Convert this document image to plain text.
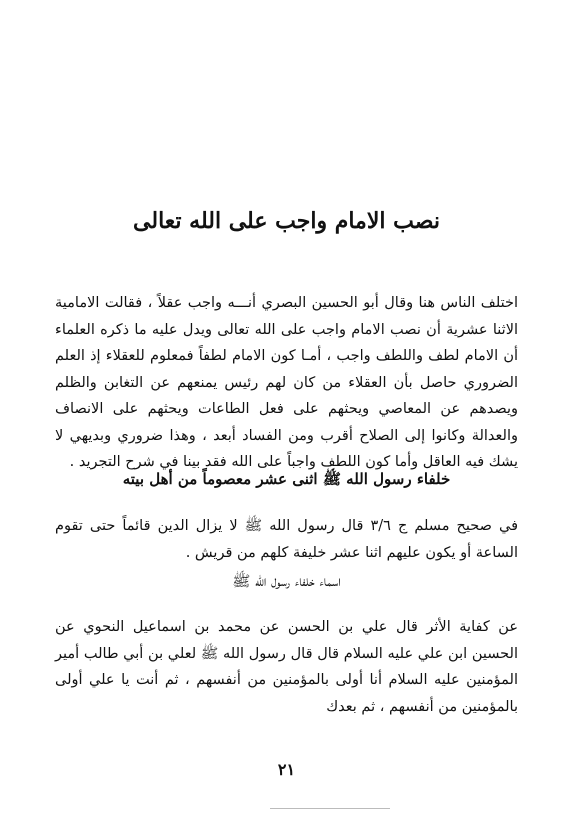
نصب الامام واجب على الله تعالى
اختلف الناس هنا وقال أبو الحسين البصري أنـــه واجب عقلاً ، فقالت الامامية الاثنا عشرية أن نصب الامام واجب على الله تعالى ويدل عليه ما ذكره العلماء أن الامام لطف واللطف واجب ، أمـا كون الامام لطفاً فمعلوم للعقلاء إذ العلم الضروري حاصل بأن العقلاء من كان لهم رئيس يمنعهم عن التغابن والظلم ويصدهم عن المعاصي ويحثهم على فعل الطاعات ويحثهم على الانصاف والعدالة وكانوا إلى الصلاح أقرب ومن الفساد أبعد ، وهذا ضروري وبديهي لا يشك فيه العاقل وأما كون اللطف واجباً على الله فقد بينا في شرح التجريد .
خلفاء رسول الله ﷺ اثنى عشر معصوماً من أهل بيته
في صحيح مسلم ج ٣/٦ قال رسول الله ﷺ لا يزال الدين قائماً حتى تقوم الساعة أو يكون عليهم اثنا عشر خليفة كلهم من قريش .
اسماء خلفاء رسول الله ﷺ
عن كفاية الأثر قال علي بن الحسن عن محمد بن اسماعيل النحوي عن الحسين ابن علي عليه السلام قال قال رسول الله ﷺ لعلي بن أبي طالب أمير المؤمنين عليه السلام أنا أولى بالمؤمنين من أنفسهم ، ثم أنت يا علي أولى بالمؤمنين من أنفسهم ، ثم بعدك
٢١
